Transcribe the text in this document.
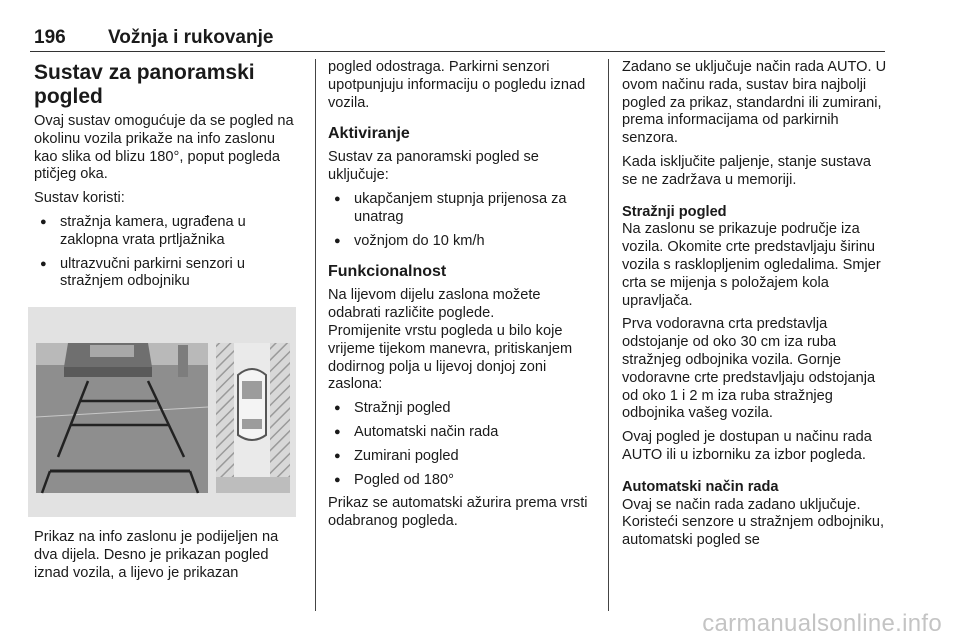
196 Vožnja i rukovanje
Sustav za panoramski pogled

Ovaj sustav omogućuje da se pogled na okolinu vozila prikaže na info zaslonu kao slika od blizu 180°, poput pogleda ptičjeg oka.

Sustav koristi:

● stražnja kamera, ugrađena u zaklopna vrata prtljažnika
● ultrazvučni parkirni senzori u stražnjem odbojniku

Prikaz na info zaslonu je podijeljen na dva dijela. Desno je prikazan pogled iznad vozila, a lijevo je prikazan

pogled odostraga. Parkirni senzori upotpunjuju informaciju o pogledu iznad vozila.

Aktiviranje

Sustav za panoramski pogled se uključuje:

● ukapčanjem stupnja prijenosa za unatrag
● vožnjom do 10 km/h
Funkcionalnost

Na lijevom dijelu zaslona možete odabrati različite poglede.

Promijenite vrstu pogleda u bilo koje vrijeme tijekom manevra, pritiskanjem dodirnog polja u lijevoj donjoj zoni zaslona:

● Stražnji pogled
● Automatski način rada
● Zumirani pogled
● Pogled od 180°

Prikaz se automatski ažurira prema vrsti odabranog pogleda.

Zadano se uključuje način rada AUTO. U ovom načinu rada, sustav bira najbolji pogled za prikaz, standardni ili zumirani, prema informacijama od parkirnih senzora.

Kada isključite paljenje, stanje sustava se ne zadržava u memoriji.

Stražnji pogled

Na zaslonu se prikazuje područje iza vozila. Okomite crte predstavljaju širinu vozila s rasklopljenim ogledalima. Smjer crta se mijenja s položajem kola upravljača.

Prva vodoravna crta predstavlja odstojanje od oko 30 cm iza ruba stražnjeg odbojnika vozila. Gornje vodoravne crte predstavljaju odstojanja od oko 1 i 2 m iza ruba stražnjeg odbojnika vašeg vozila.

Ovaj pogled je dostupan u načinu rada AUTO ili u izborniku za izbor pogleda.

Automatski način rada

Ovaj se način rada zadano uključuje. Koristeći senzore u stražnjem odbojniku, automatski pogled se

carmanualsonline.info
